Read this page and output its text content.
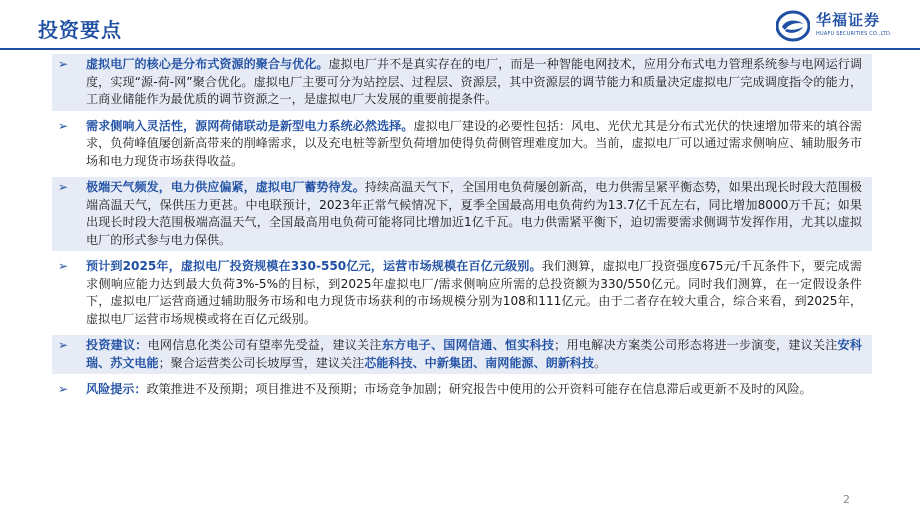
投资要点	华福证券
HUAFU SECURITIES CO.,LTD.
➢ 虚拟电厂的核心是分布式资源的聚合与优化。虚拟电厂并不是真实存在的电厂，而是一种智能电网技术，应用分布式电力管理系统参与电网运行调度，实现“源-荷-网”聚合优化。虚拟电厂主要可分为站控层、过程层、资源层，其中资源层的调节能力和质量决定虚拟电厂完成调度指令的能力，工商业储能作为最优质的调节资源之一，是虚拟电厂大发展的重要前提条件。
➢ 需求侧响入灵活性，源网荷储联动是新型电力系统必然选择。虚拟电厂建设的必要性包括：风电、光伏尤其是分布式光伏的快速增加带来的填谷需求，负荷峰值屡创新高带来的削峰需求，以及充电桩等新型负荷增加使得负荷侧管理难度加大。当前，虚拟电厂可以通过需求侧响应、辅助服务市场和电力现货市场获得收益。
➢ 极端天气频发，电力供应偏紧，虚拟电厂蓄势待发。持续高温天气下，全国用电负荷屡创新高，电力供需呈紧平衡态势，如果出现长时段大范围极端高温天气，保供压力更甚。中电联预计，2023年正常气候情况下，夏季全国最高用电负荷约为13.7亿千瓦左右，同比增加8000万千瓦；如果出现长时段大范围极端高温天气，全国最高用电负荷可能将同比增加近1亿千瓦。电力供需紧平衡下，迫切需要需求侧调节发挥作用，尤其以虚拟电厂的形式参与电力保供。
➢ 预计到2025年，虚拟电厂投资规模在330-550亿元，运营市场规模在百亿元级别。我们测算，虚拟电厂投资强度675元/千瓦条件下，要完成需求侧响应能力达到最大负荷3%-5%的目标，到2025年虚拟电厂/需求侧响应所需的总投资额为330/550亿元。同时我们测算，在一定假设条件下，虚拟电厂运营商通过辅助服务市场和电力现货市场获利的市场规模分别为108和111亿元。由于二者存在较大重合，综合来看，到2025年，虚拟电厂运营市场规模或将在百亿元级别。
➢ 投资建议：电网信息化类公司有望率先受益，建议关注东方电子、国网信通、恒实科技；用电解决方案类公司形态将进一步演变，建议关注安科瑞、苏文电能；聚合运营类公司长坡厚雪，建议关注芯能科技、中新集团、南网能源、朗新科技。
➢ 风险提示：政策推进不及预期；项目推进不及预期；市场竞争加剧；研究报告中使用的公开资料可能存在信息滞后或更新不及时的风险。
2
